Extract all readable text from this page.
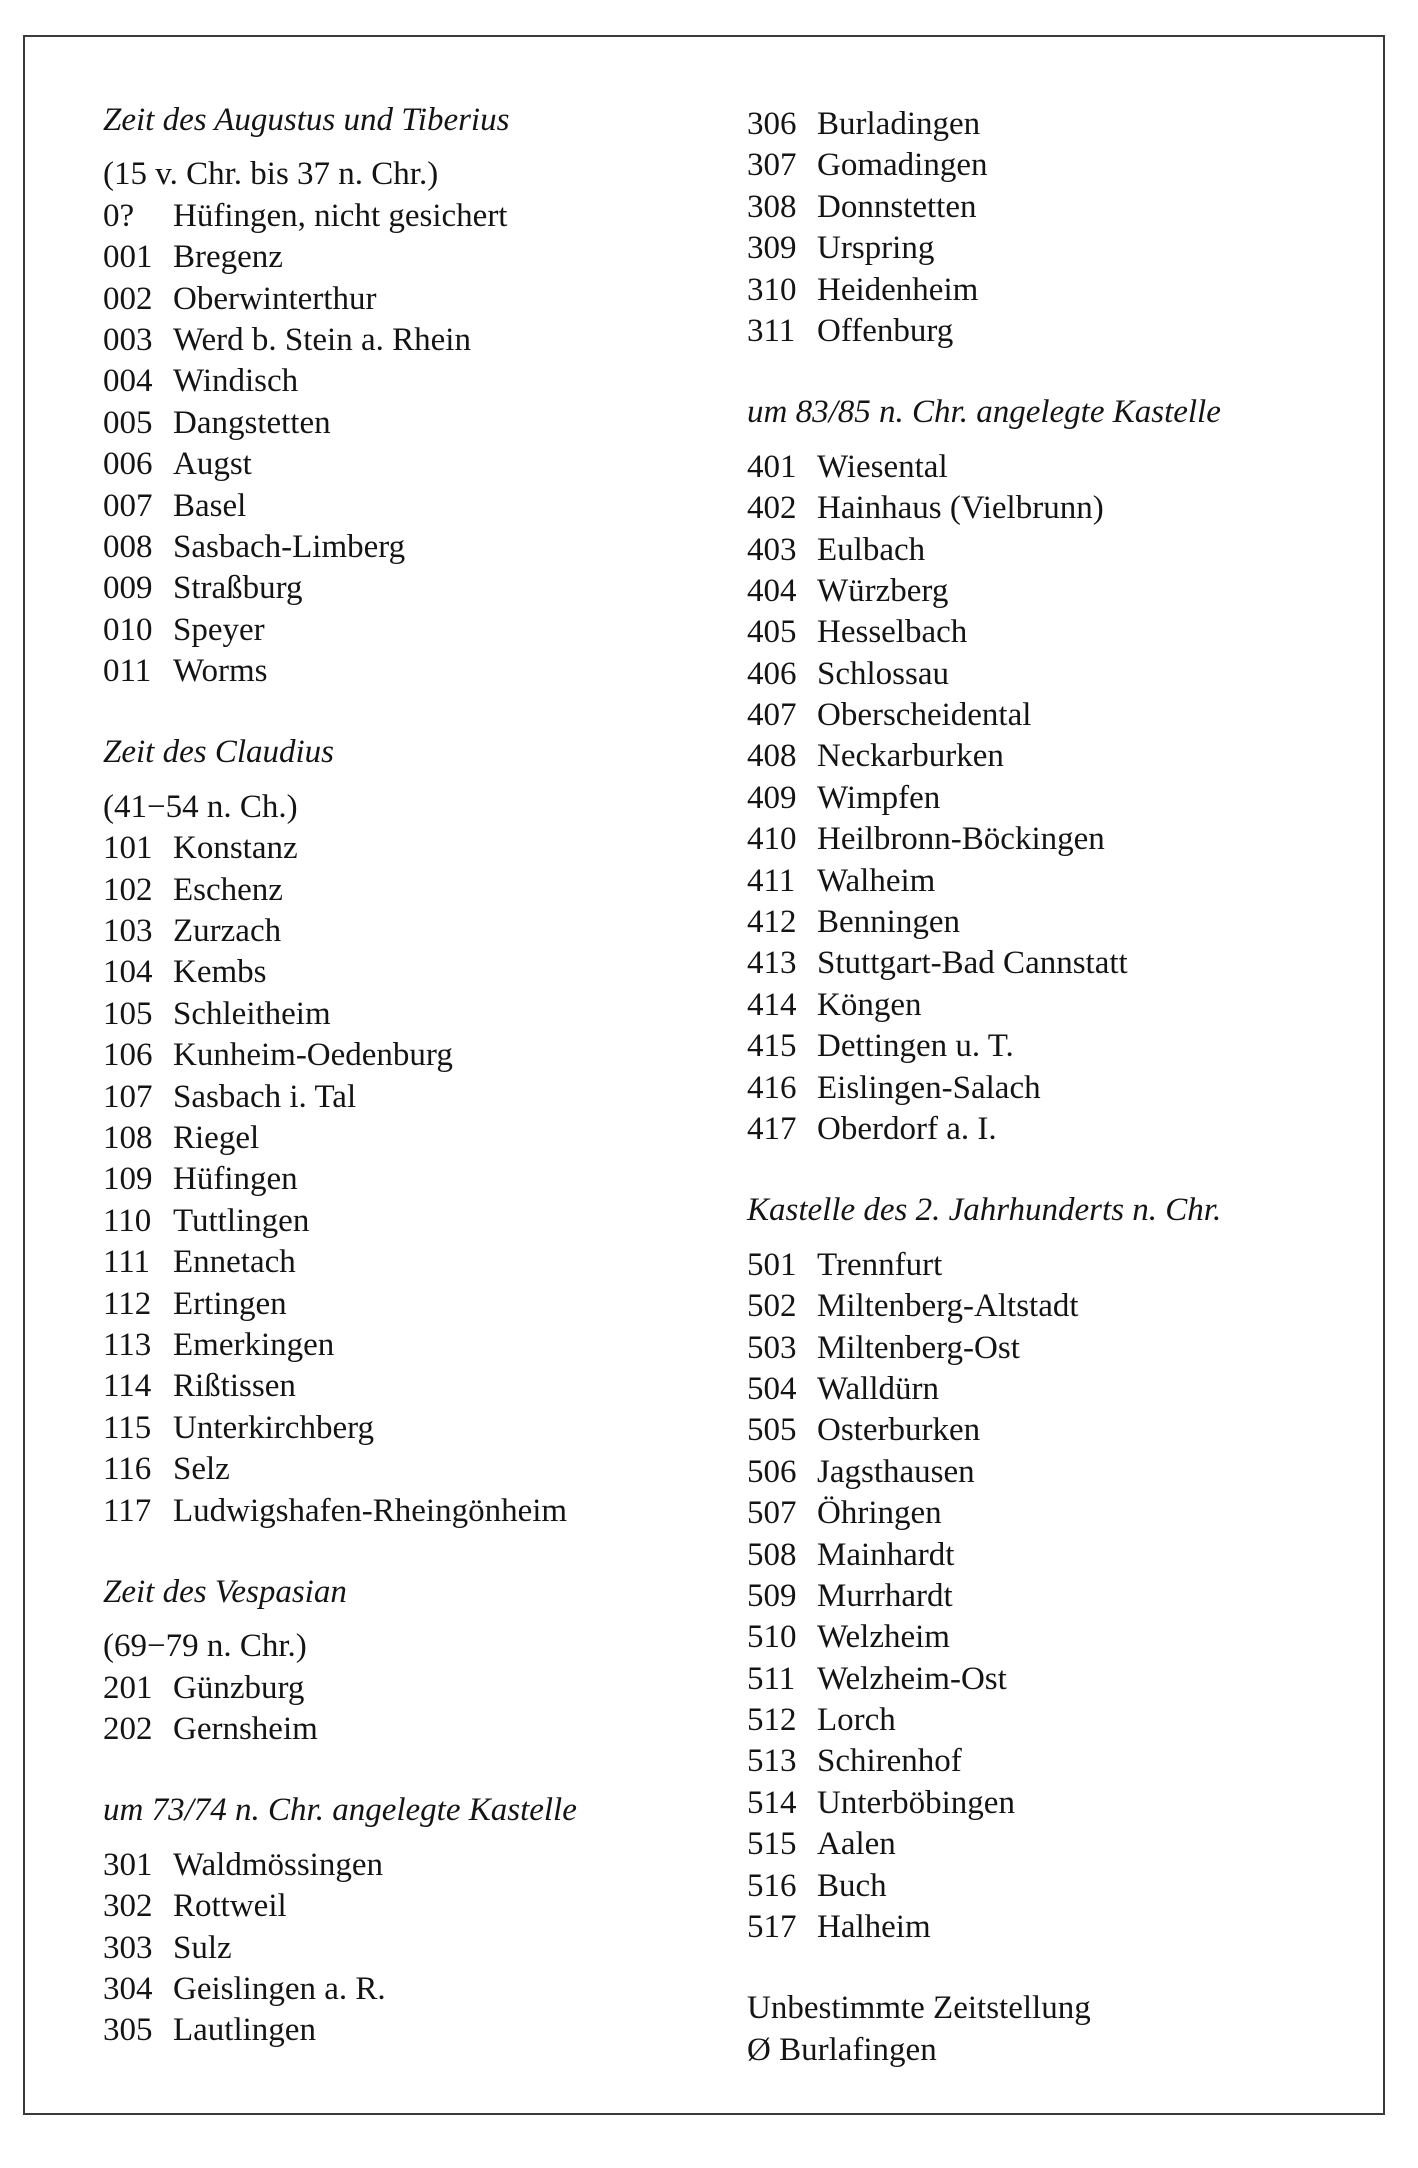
Zeit des Augustus und Tiberius
(15 v. Chr. bis 37 n. Chr.)
0? Hüfingen, nicht gesichert
001 Bregenz
002 Oberwinterthur
003 Werd b. Stein a. Rhein
004 Windisch
005 Dangstetten
006 Augst
007 Basel
008 Sasbach-Limberg
009 Straßburg
010 Speyer
011 Worms
Zeit des Claudius
(41−54 n. Ch.)
101 Konstanz
102 Eschenz
103 Zurzach
104 Kembs
105 Schleitheim
106 Kunheim-Oedenburg
107 Sasbach i. Tal
108 Riegel
109 Hüfingen
110 Tuttlingen
111 Ennetach
112 Ertingen
113 Emerkingen
114 Rißtissen
115 Unterkirchberg
116 Selz
117 Ludwigshafen-Rheingönheim
Zeit des Vespasian
(69−79 n. Chr.)
201 Günzburg
202 Gernsheim
um 73/74 n. Chr. angelegte Kastelle
301 Waldmössingen
302 Rottweil
303 Sulz
304 Geislingen a. R.
305 Lautlingen
306 Burladingen
307 Gomadingen
308 Donnstetten
309 Urspring
310 Heidenheim
311 Offenburg
um 83/85 n. Chr. angelegte Kastelle
401 Wiesental
402 Hainhaus (Vielbrunn)
403 Eulbach
404 Würzberg
405 Hesselbach
406 Schlossau
407 Oberscheidental
408 Neckarburken
409 Wimpfen
410 Heilbronn-Böckingen
411 Walheim
412 Benningen
413 Stuttgart-Bad Cannstatt
414 Köngen
415 Dettingen u. T.
416 Eislingen-Salach
417 Oberdorf a. I.
Kastelle des 2. Jahrhunderts n. Chr.
501 Trennfurt
502 Miltenberg-Altstadt
503 Miltenberg-Ost
504 Walldürn
505 Osterburken
506 Jagsthausen
507 Öhringen
508 Mainhardt
509 Murrhardt
510 Welzheim
511 Welzheim-Ost
512 Lorch
513 Schirenhof
514 Unterböbingen
515 Aalen
516 Buch
517 Halheim
Unbestimmte Zeitstellung
Ø Burlafingen
